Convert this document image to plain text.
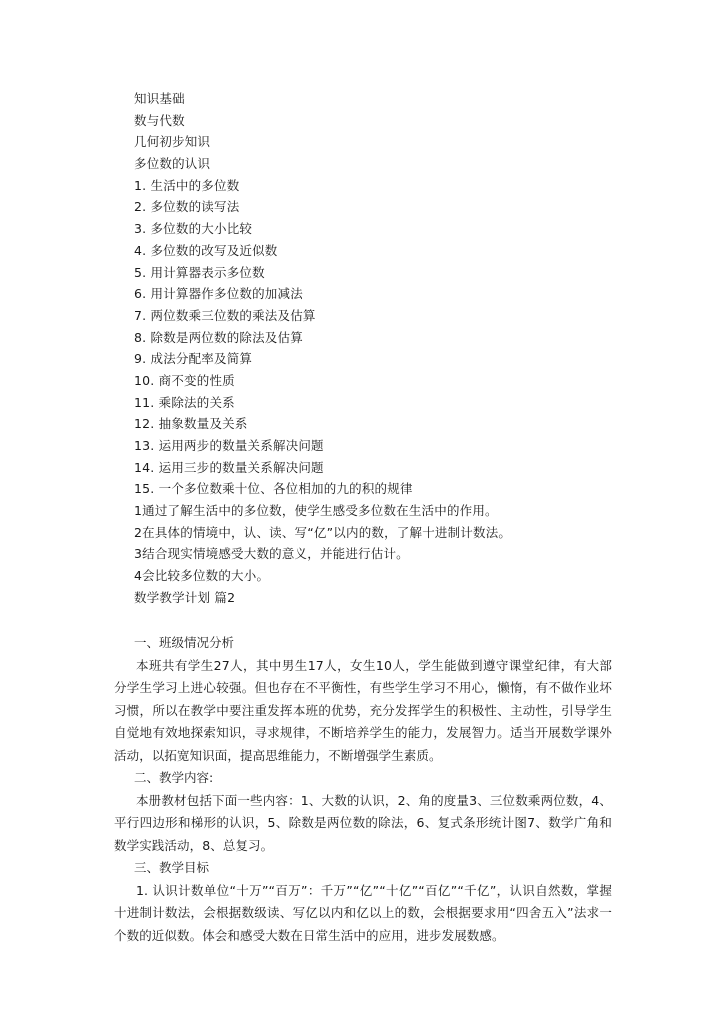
知识基础
数与代数
几何初步知识
多位数的认识
1. 生活中的多位数
2. 多位数的读写法
3. 多位数的大小比较
4. 多位数的改写及近似数
5. 用计算器表示多位数
6. 用计算器作多位数的加减法
7. 两位数乘三位数的乘法及估算
8. 除数是两位数的除法及估算
9. 成法分配率及简算
10. 商不变的性质
11. 乘除法的关系
12. 抽象数量及关系
13. 运用两步的数量关系解决问题
14. 运用三步的数量关系解决问题
15. 一个多位数乘十位、各位相加的九的积的规律
1通过了解生活中的多位数，使学生感受多位数在生活中的作用。
2在具体的情境中，认、读、写“亿”以内的数，了解十进制计数法。
3结合现实情境感受大数的意义，并能进行估计。
4会比较多位数的大小。
数学教学计划 篇2
一、班级情况分析

本班共有学生27人，其中男生17人，女生10人，学生能做到遵守课堂纪律，有大部分学生学习上进心较强。但也存在不平衡性，有些学生学习不用心，懒惰，有不做作业坏习惯，所以在教学中要注重发挥本班的优势，充分发挥学生的积极性、主动性，引导学生自觉地有效地探索知识，寻求规律，不断培养学生的能力，发展智力。适当开展数学课外活动，以拓宽知识面，提高思维能力，不断增强学生素质。

二、教学内容:

本册教材包括下面一些内容：1、大数的认识，2、角的度量3、三位数乘两位数，4、平行四边形和梯形的认识，5、除数是两位数的除法，6、复式条形统计图7、数学广角和数学实践活动，8、总复习。

三、教学目标

1. 认识计数单位“十万”“百万”：千万”“亿”“十亿”“百亿”“千亿”，认识自然数，掌握十进制计数法，会根据数级读、写亿以内和亿以上的数，会根据要求用“四舍五入”法求一个数的近似数。体会和感受大数在日常生活中的应用，进步发展数感。
